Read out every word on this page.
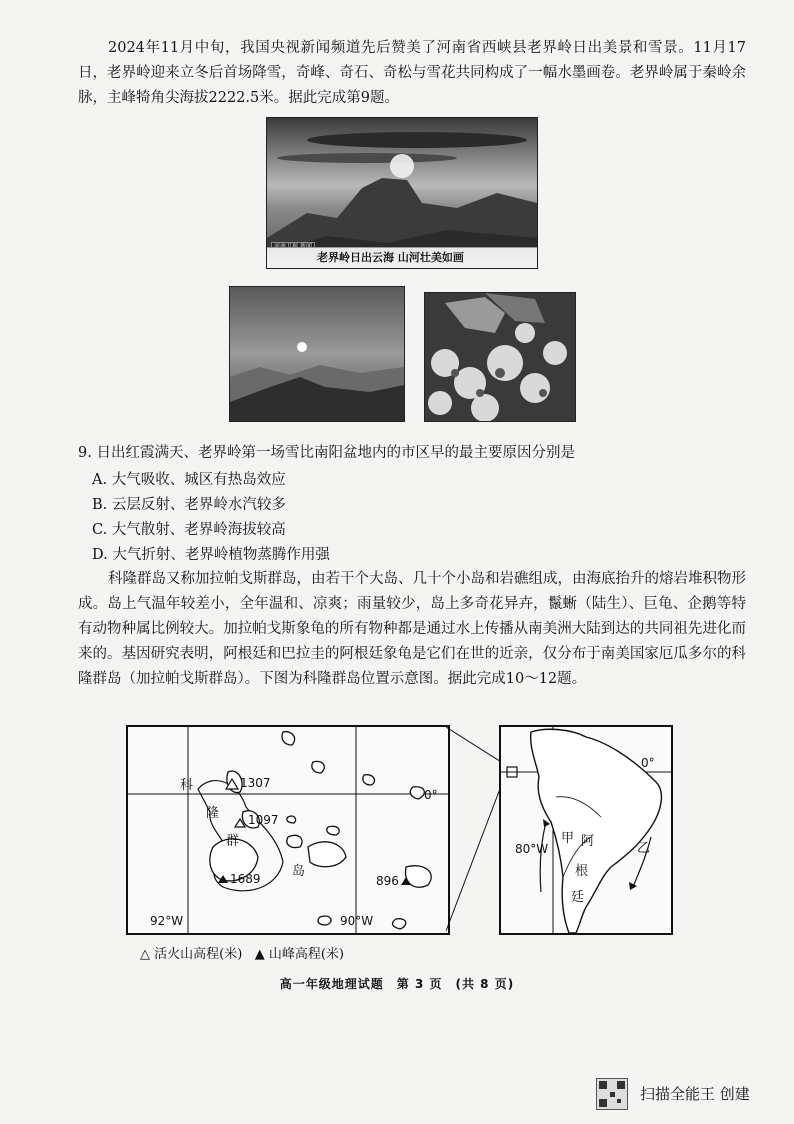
2024年11月中旬，我国央视新闻频道先后赞美了河南省西峡县老界岭日出美景和雪景。11月17日，老界岭迎来立冬后首场降雪，奇峰、奇石、奇松与雪花共同构成了一幅水墨画卷。老界岭属于秦岭余脉，主峰犄角尖海拔2222.5米。据此完成第9题。

老界岭日出云海 山河壮美如画

9. 日出红霞满天、老界岭第一场雪比南阳盆地内的市区早的最主要原因分别是

A. 大气吸收、城区有热岛效应

B. 云层反射、老界岭水汽较多

C. 大气散射、老界岭海拔较高

D. 大气折射、老界岭植物蒸腾作用强

科隆群岛又称加拉帕戈斯群岛，由若干个大岛、几十个小岛和岩礁组成，由海底抬升的熔岩堆积物形成。岛上气温年较差小，全年温和、凉爽；雨量较少，岛上多奇花异卉，鬣蜥（陆生）、巨龟、企鹅等特有动物种属比例较大。加拉帕戈斯象龟的所有物种都是通过水上传播从南美洲大陆到达的共同祖先进化而来的。基因研究表明，阿根廷和巴拉圭的阿根廷象龟是它们在世的近亲，仅分布于南美国家厄瓜多尔的科隆群岛（加拉帕戈斯群岛）。下图为科隆群岛位置示意图。据此完成10～12题。

1307
1097
1689	896
0°
92°W	90°W
科
隆
群
岛
0°
80°W
甲
乙
阿
根
廷
△ 活火山高程(米) ▲ 山峰高程(米)
高一年级地理试题　第 3 页　(共 8 页)
扫描全能王 创建
